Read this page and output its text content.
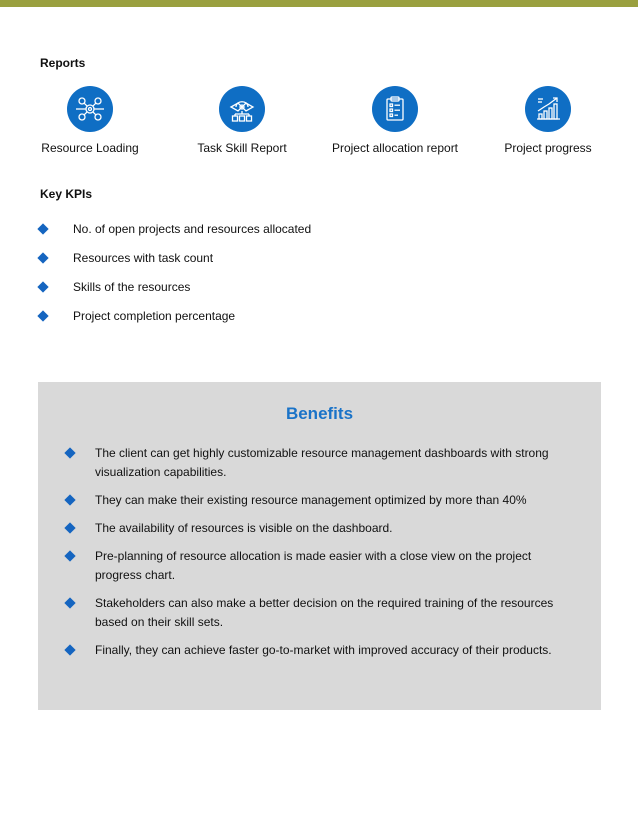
Reports
Resource Loading	Task Skill Report	Project allocation report	Project progress
Key KPIs
No. of open projects and resources allocated
Resources with task count
Skills of the resources
Project completion percentage
Benefits
The client can get highly customizable resource management dashboards with strong visualization capabilities.
They can make their existing resource management optimized by more than 40%
The availability of resources is visible on the dashboard.
Pre-planning of resource allocation is made easier with a close view on the project progress chart.
Stakeholders can also make a better decision on the required training of the resources based on their skill sets.
Finally, they can achieve faster go-to-market with improved accuracy of their products.
